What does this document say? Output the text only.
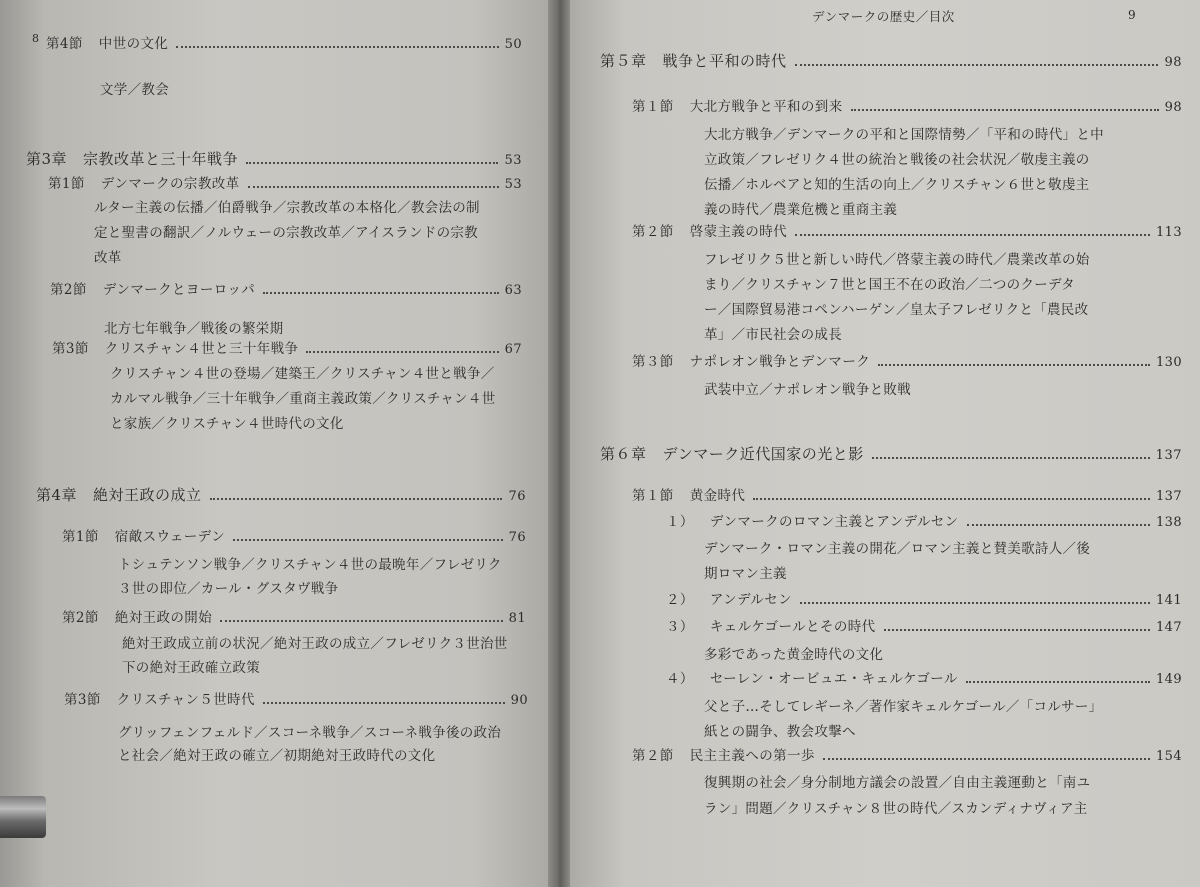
8 第4節 中世の文化	50
文学／教会
第3章 宗教改革と三十年戦争	53
第1節 デンマークの宗教改革	53
ルター主義の伝播／伯爵戦争／宗教改革の本格化／教会法の制
定と聖書の翻訳／ノルウェーの宗教改革／アイスランドの宗教
改革
第2節 デンマークとヨーロッパ	63
北方七年戦争／戦後の繁栄期
第3節 クリスチャン４世と三十年戦争	67
クリスチャン４世の登場／建築王／クリスチャン４世と戦争／
カルマル戦争／三十年戦争／重商主義政策／クリスチャン４世
と家族／クリスチャン４世時代の文化
第4章 絶対王政の成立	76
第1節 宿敵スウェーデン	76
トシュテンソン戦争／クリスチャン４世の最晩年／フレゼリク
３世の即位／カール・グスタヴ戦争
第2節 絶対王政の開始	81
絶対王政成立前の状況／絶対王政の成立／フレゼリク３世治世
下の絶対王政確立政策
第3節 クリスチャン５世時代	90
グリッフェンフェルド／スコーネ戦争／スコーネ戦争後の政治
と社会／絶対王政の確立／初期絶対王政時代の文化
デンマークの歴史／目次	9
第５章 戦争と平和の時代	98
第１節 大北方戦争と平和の到来	98
大北方戦争／デンマークの平和と国際情勢／「平和の時代」と中
立政策／フレゼリク４世の統治と戦後の社会状況／敬虔主義の
伝播／ホルベアと知的生活の向上／クリスチャン６世と敬虔主
義の時代／農業危機と重商主義
第２節 啓蒙主義の時代	113
フレゼリク５世と新しい時代／啓蒙主義の時代／農業改革の始
まり／クリスチャン７世と国王不在の政治／二つのクーデタ
ー／国際貿易港コペンハーゲン／皇太子フレゼリクと「農民改
革」／市民社会の成長
第３節 ナポレオン戦争とデンマーク	130
武装中立／ナポレオン戦争と敗戦
第６章 デンマーク近代国家の光と影	137
第１節 黄金時代	137
１） デンマークのロマン主義とアンデルセン	138
デンマーク・ロマン主義の開花／ロマン主義と賛美歌詩人／後
期ロマン主義
２） アンデルセン	141
３） キェルケゴールとその時代	147
多彩であった黄金時代の文化
４） セーレン・オービュエ・キェルケゴール	149
父と子…そしてレギーネ／著作家キェルケゴール／「コルサー」
紙との闘争、教会攻撃へ
第２節 民主主義への第一歩	154
復興期の社会／身分制地方議会の設置／自由主義運動と「南ユ
ラン」問題／クリスチャン８世の時代／スカンディナヴィア主
